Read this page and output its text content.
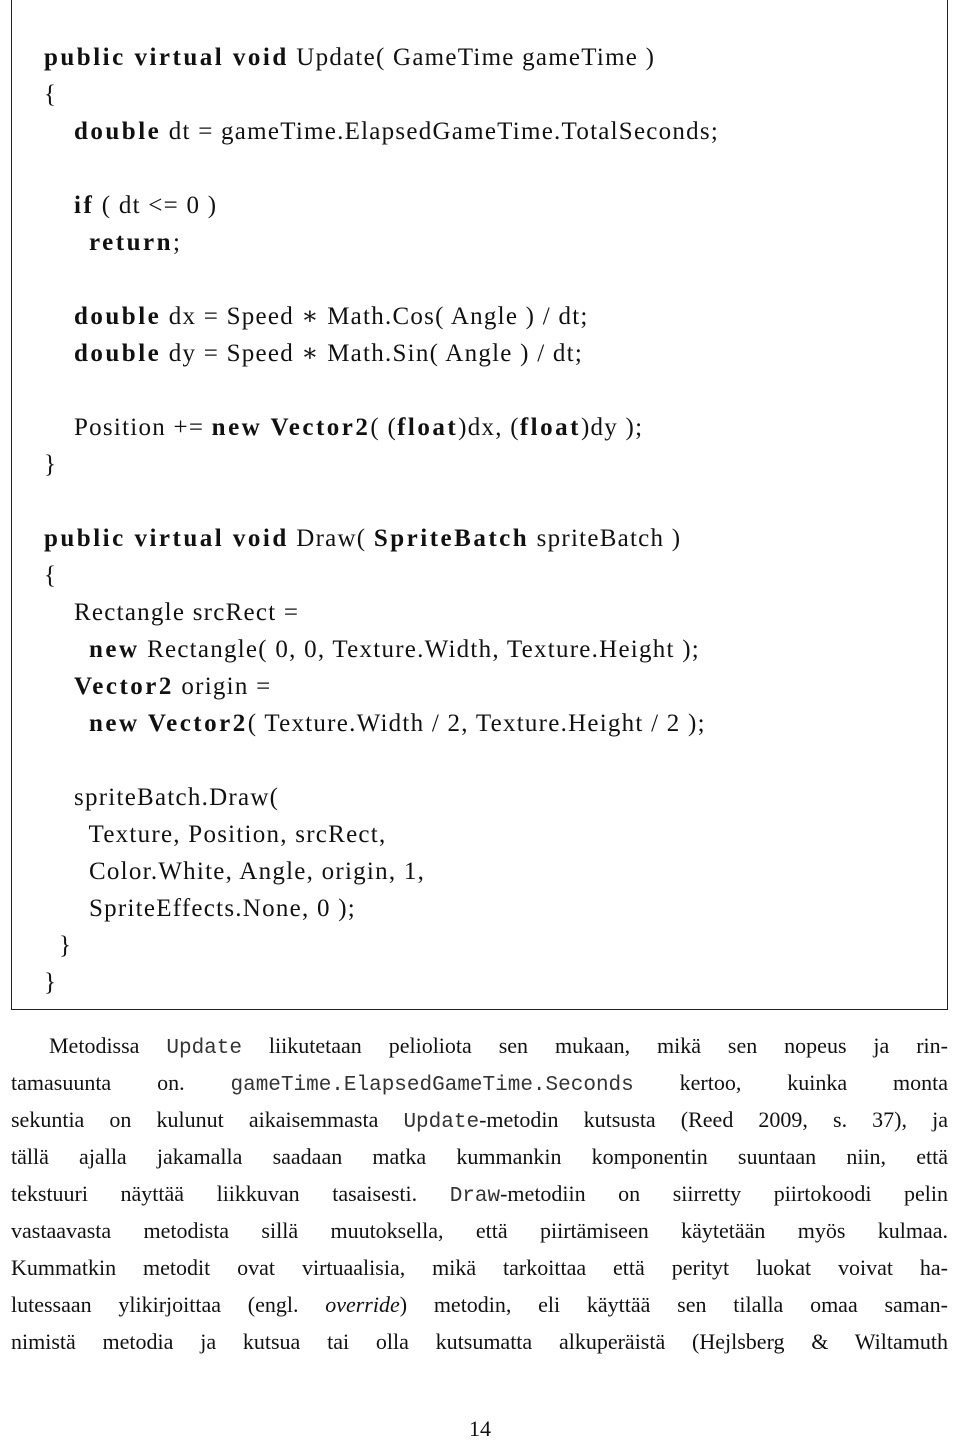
public virtual void Update( GameTime gameTime )
{
double dt = gameTime.ElapsedGameTime.TotalSeconds;
if ( dt <= 0 )
return;
double dx = Speed ∗ Math.Cos( Angle ) / dt;
double dy = Speed ∗ Math.Sin( Angle ) / dt;
Position += new Vector2( (float)dx, (float)dy );
}
public virtual void Draw( SpriteBatch spriteBatch )
{
Rectangle srcRect =
new Rectangle( 0, 0, Texture.Width, Texture.Height );
Vector2 origin =
new Vector2( Texture.Width / 2, Texture.Height / 2 );
spriteBatch.Draw(
Texture, Position, srcRect,
Color.White, Angle, origin, 1,
SpriteEffects.None, 0 );
}
}
Metodissa Update liikutetaan pelioliota sen mukaan, mikä sen nopeus ja rin-
tamasuunta on. gameTime.ElapsedGameTime.Seconds kertoo, kuinka monta
sekuntia on kulunut aikaisemmasta Update-metodin kutsusta (Reed 2009, s. 37), ja
tällä ajalla jakamalla saadaan matka kummankin komponentin suuntaan niin, että
tekstuuri näyttää liikkuvan tasaisesti. Draw-metodiin on siirretty piirtokoodi pelin
vastaavasta metodista sillä muutoksella, että piirtämiseen käytetään myös kulmaa.
Kummatkin metodit ovat virtuaalisia, mikä tarkoittaa että perityt luokat voivat ha-
lutessaan ylikirjoittaa (engl. override) metodin, eli käyttää sen tilalla omaa saman-
nimistä metodia ja kutsua tai olla kutsumatta alkuperäistä (Hejlsberg & Wiltamuth
14
